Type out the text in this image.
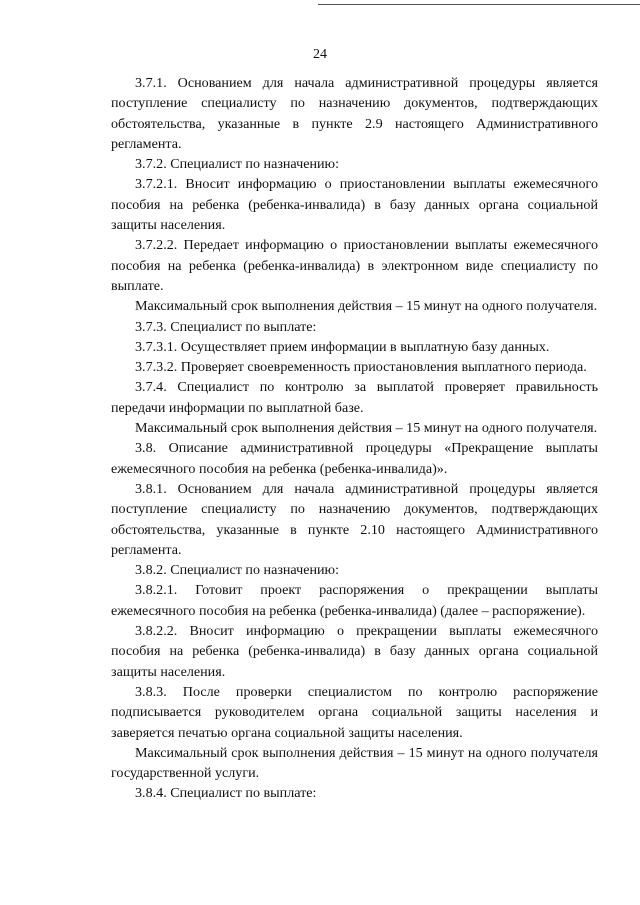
24

3.7.1. Основанием для начала административной процедуры является поступление специалисту по назначению документов, подтверждающих обстоятельства, указанные в пункте 2.9 настоящего Административного регламента.

3.7.2. Специалист по назначению:

3.7.2.1. Вносит информацию о приостановлении выплаты ежемесячного пособия на ребенка (ребенка-инвалида) в базу данных органа социальной защиты населения.

3.7.2.2. Передает информацию о приостановлении выплаты ежемесячного пособия на ребенка (ребенка-инвалида) в электронном виде специалисту по выплате.

Максимальный срок выполнения действия – 15 минут на одного получателя.

3.7.3. Специалист по выплате:

3.7.3.1. Осуществляет прием информации в выплатную базу данных.

3.7.3.2. Проверяет своевременность приостановления выплатного периода.

3.7.4. Специалист по контролю за выплатой проверяет правильность передачи информации по выплатной базе.

Максимальный срок выполнения действия – 15 минут на одного получателя.

3.8. Описание административной процедуры «Прекращение выплаты ежемесячного пособия на ребенка (ребенка-инвалида)».

3.8.1. Основанием для начала административной процедуры является поступление специалисту по назначению документов, подтверждающих обстоятельства, указанные в пункте 2.10 настоящего Административного регламента.

3.8.2. Специалист по назначению:

3.8.2.1. Готовит проект распоряжения о прекращении выплаты ежемесячного пособия на ребенка (ребенка-инвалида) (далее – распоряжение).

3.8.2.2. Вносит информацию о прекращении выплаты ежемесячного пособия на ребенка (ребенка-инвалида) в базу данных органа социальной защиты населения.

3.8.3. После проверки специалистом по контролю распоряжение подписывается руководителем органа социальной защиты населения и заверяется печатью органа социальной защиты населения.

Максимальный срок выполнения действия – 15 минут на одного получателя государственной услуги.

3.8.4. Специалист по выплате:
